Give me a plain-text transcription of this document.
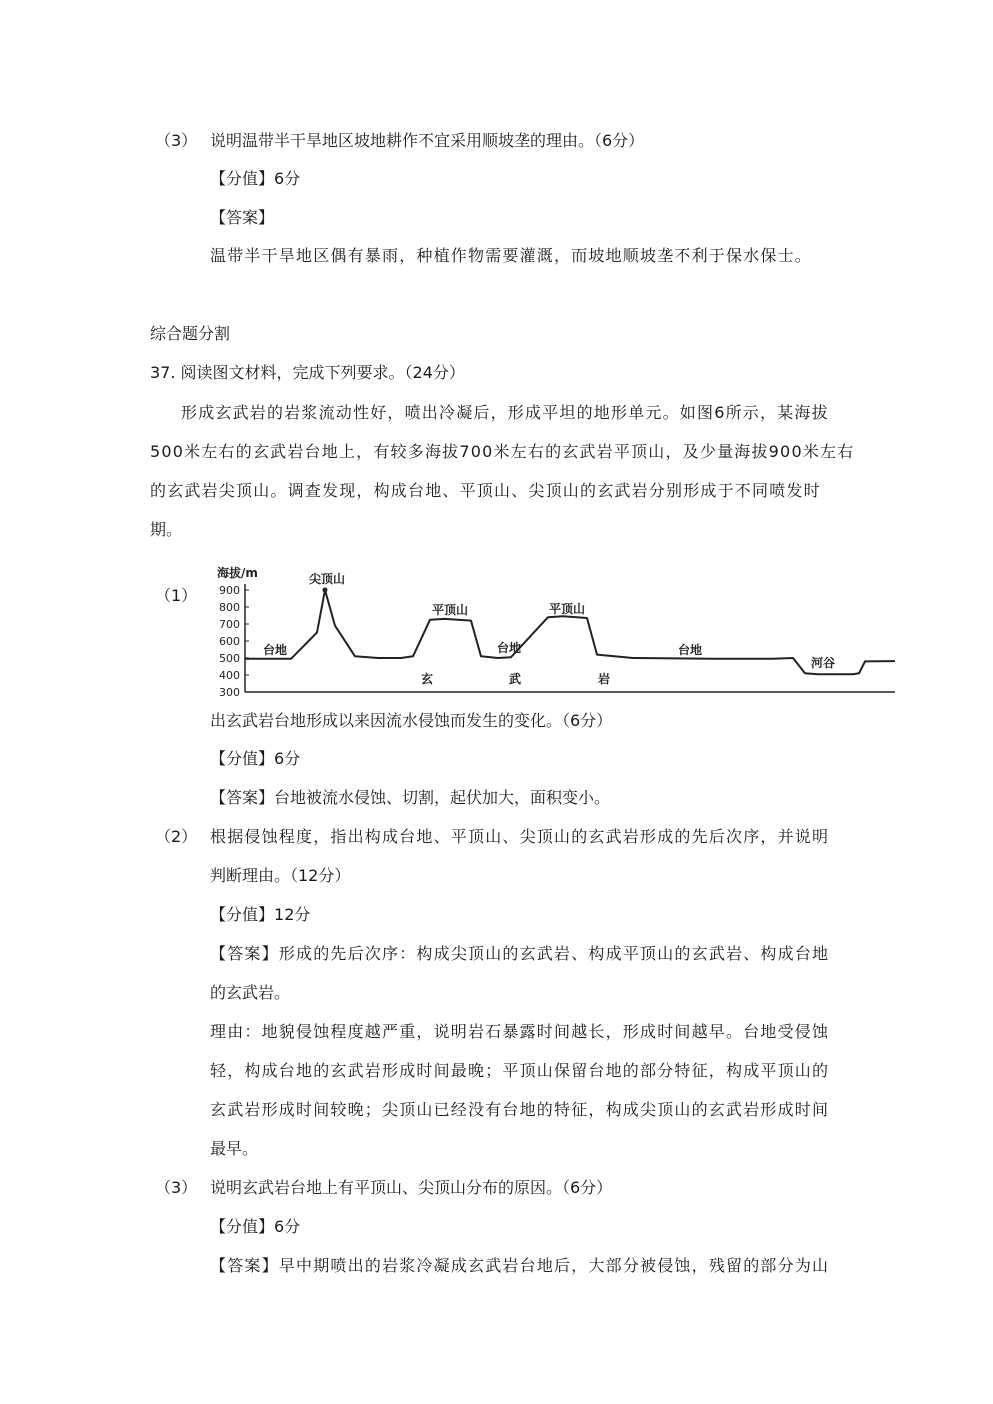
（3） 说明温带半干旱地区坡地耕作不宜采用顺坡垄的理由。（6分）
【分值】6分
【答案】
温带半干旱地区偶有暴雨，种植作物需要灌溉，而坡地顺坡垄不利于保水保士。
综合题分割
37. 阅读图文材料，完成下列要求。（24分）
形成玄武岩的岩浆流动性好，喷出冷凝后，形成平坦的地形单元。如图6所示，某海拔
500米左右的玄武岩台地上，有较多海拔700米左右的玄武岩平顶山，及少量海拔900米左右
的玄武岩尖顶山。调查发现，构成台地、平顶山、尖顶山的玄武岩分别形成于不同喷发时
期。
（1）
海拔/m
300
400
500
600
700
800
900
尖顶山
台地
平顶山
台地
平顶山
台地
河谷
玄	武	岩
出玄武岩台地形成以来因流水侵蚀而发生的变化。（6分）
【分值】6分
【答案】台地被流水侵蚀、切割，起伏加大，面积变小。
（2） 根据侵蚀程度，指出构成台地、平顶山、尖顶山的玄武岩形成的先后次序，并说明
判断理由。（12分）
【分值】12分
【答案】形成的先后次序：构成尖顶山的玄武岩、构成平顶山的玄武岩、构成台地
的玄武岩。
理由：地貌侵蚀程度越严重，说明岩石暴露时间越长，形成时间越早。台地受侵蚀
轻，构成台地的玄武岩形成时间最晚；平顶山保留台地的部分特征，构成平顶山的
玄武岩形成时间较晚；尖顶山已经没有台地的特征，构成尖顶山的玄武岩形成时间
最早。
（3） 说明玄武岩台地上有平顶山、尖顶山分布的原因。（6分）
【分值】6分
【答案】早中期喷出的岩浆冷凝成玄武岩台地后，大部分被侵蚀，残留的部分为山
